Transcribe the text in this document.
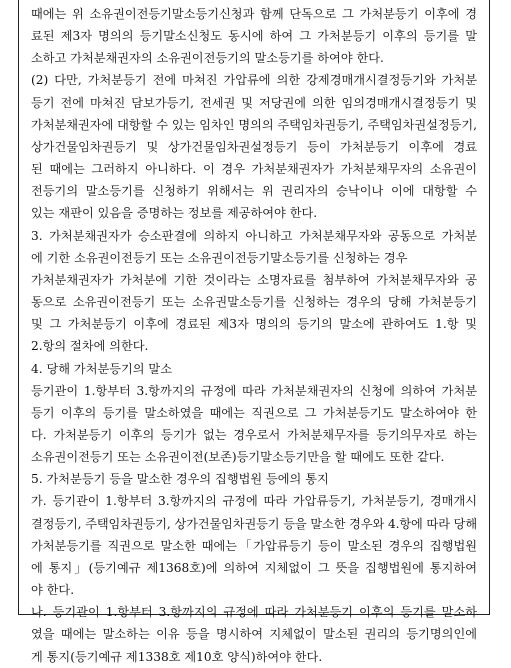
때에는 위 소유권이전등기말소등기신청과 함께 단독으로 그 가처분등기 이후에 경
료된 제3자 명의의 등기말소신청도 동시에 하여 그 가처분등기 이후의 등기를 말
소하고 가처분채권자의 소유권이전등기의 말소등기를 하여야 한다.
(2) 다만, 가처분등기 전에 마쳐진 가압류에 의한 강제경매개시결정등기와 가처분
등기 전에 마쳐진 담보가등기, 전세권 및 저당권에 의한 임의경매개시결정등기 및
가처분채권자에 대항할 수 있는 임차인 명의의 주택임차권등기, 주택임차권설정등기,
상가건물임차권등기 및 상가건물임차권설정등기 등이 가처분등기 이후에 경료
된 때에는 그러하지 아니하다. 이 경우 가처분채권자가 가처분채무자의 소유권이
전등기의 말소등기를 신청하기 위해서는 위 권리자의 승낙이나 이에 대항할 수
있는 재판이 있음을 증명하는 정보를 제공하여야 한다.
3. 가처분채권자가 승소판결에 의하지 아니하고 가처분채무자와 공동으로 가처분
에 기한 소유권이전등기 또는 소유권이전등기말소등기를 신청하는 경우
가처분채권자가 가처분에 기한 것이라는 소명자료를 첨부하여 가처분채무자와 공
동으로 소유권이전등기 또는 소유권말소등기를 신청하는 경우의 당해 가처분등기
및 그 가처분등기 이후에 경료된 제3자 명의의 등기의 말소에 관하여도 1.항 및
2.항의 절차에 의한다.
4. 당해 가처분등기의 말소
등기관이 1.항부터 3.항까지의 규정에 따라 가처분채권자의 신청에 의하여 가처분
등기 이후의 등기를 말소하였을 때에는 직권으로 그 가처분등기도 말소하여야 한
다. 가처분등기 이후의 등기가 없는 경우로서 가처분채무자를 등기의무자로 하는
소유권이전등기 또는 소유권이전(보존)등기말소등기만을 할 때에도 또한 같다.
5. 가처분등기 등을 말소한 경우의 집행법원 등에의 통지
가. 등기관이 1.항부터 3.항까지의 규정에 따라 가압류등기, 가처분등기, 경매개시
결정등기, 주택임차권등기, 상가건물임차권등기 등을 말소한 경우와 4.항에 따라 당해
가처분등기를 직권으로 말소한 때에는「가압류등기 등이 말소된 경우의 집행법원
에 통지」(등기예규 제1368호)에 의하여 지체없이 그 뜻을 집행법원에 통지하여
야 한다.
나. 등기관이 1.항부터 3.항까지의 규정에 따라 가처분등기 이후의 등기를 말소하
였을 때에는 말소하는 이유 등을 명시하여 지체없이 말소된 권리의 등기명의인에
게 통지(등기예규 제1338호 제10호 양식)하여야 한다.
